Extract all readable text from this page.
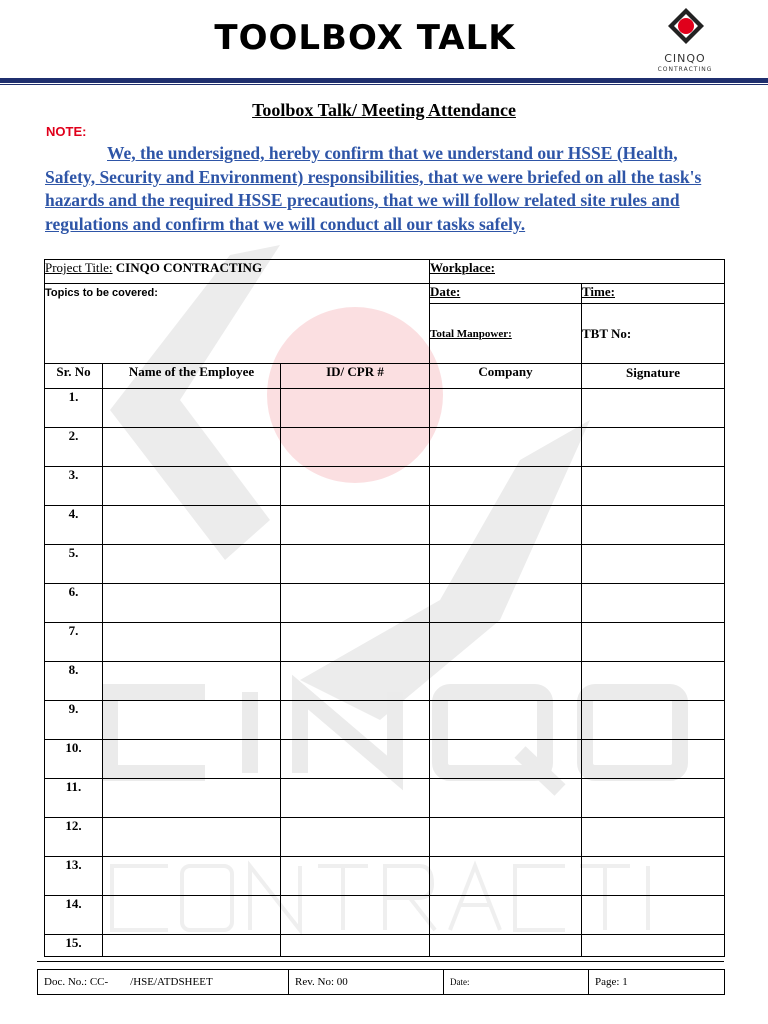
TOOLBOX TALK
CINQO
CONTRACTING
Toolbox Talk/ Meeting Attendance
NOTE:
We, the undersigned, hereby confirm that we understand our HSSE (Health, Safety, Security and Environment) responsibilities, that we were briefed on all the task's hazards and the required HSSE precautions, that we will follow related site rules and regulations and confirm that we will conduct all our tasks safely.
Project Title: CINQO CONTRACTING			Workplace:	
Topics to be covered:			Date:	Time:
			Total Manpower:	TBT No:
Sr. No	Name of the Employee	ID/ CPR #	Company	Signature
1.				
2.				
3.				
4.				
5.				
6.				
7.				
8.				
9.				
10.				
11.				
12.				
13.				
14.				
15.				
Doc. No.: CC-        /HSE/ATDSHEET	Rev. No: 00	Date:	Page: 1
